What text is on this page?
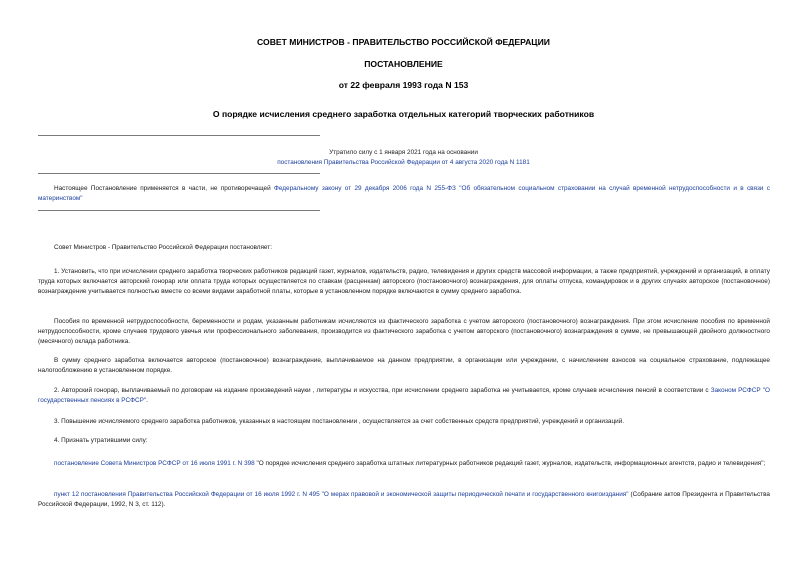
СОВЕТ МИНИСТРОВ - ПРАВИТЕЛЬСТВО РОССИЙСКОЙ ФЕДЕРАЦИИ
ПОСТАНОВЛЕНИЕ
от 22 февраля 1993 года N 153
О порядке исчисления среднего заработка отдельных категорий творческих работников
Утратило силу с 1 января 2021 года на основании
постановления Правительства Российской Федерации от 4 августа 2020 года N 1181
Настоящее Постановление применяется в части, не противоречащей Федеральному закону от 29 декабря 2006 года N 255-ФЗ "Об обязательном социальном страховании на случай временной нетрудоспособности и в связи с материнством"
Совет Министров - Правительство Российской Федерации постановляет:
1. Установить, что при исчислении среднего заработка творческих работников редакций газет, журналов, издательств, радио, телевидения и других средств массовой информации, а также предприятий, учреждений и организаций, в оплату труда которых включается авторский гонорар или оплата труда которых осуществляется по ставкам (расценкам) авторского (постановочного) вознаграждения, для оплаты отпуска, командировок и в других случаях авторское (постановочное) вознаграждение учитывается полностью вместе со всеми видами заработной платы, которые в установленном порядке включаются в сумму среднего заработка.
Пособия по временной нетрудоспособности, беременности и родам, указанным работникам исчисляются из фактического заработка с учетом авторского (постановочного) вознаграждения. При этом исчисление пособия по временной нетрудоспособности, кроме случаев трудового увечья или профессионального заболевания, производится из фактического заработка с учетом авторского (постановочного) вознаграждения в сумме, не превышающей двойного должностного (месячного) оклада работника.
В сумму среднего заработка включается авторское (постановочное) вознаграждение, выплачиваемое на данном предприятии, в организации или учреждении, с начислением взносов на социальное страхование, подлежащее налогообложению в установленном порядке.
2. Авторский гонорар, выплачиваемый по договорам на издание произведений науки , литературы и искусства, при исчислении среднего заработка не учитывается, кроме случаев исчисления пенсий в соответствии с Законом РСФСР "О государственных пенсиях в РСФСР".
3. Повышение исчисляемого среднего заработка работников, указанных в настоящем постановлении , осуществляется за счет собственных средств предприятий, учреждений и организаций.
4. Признать утратившими силу:
постановление Совета Министров РСФСР от 16 июля 1991 г. N 398 "О порядке исчисления среднего заработка штатных литературных работников редакций газет, журналов, издательств, информационных агентств, радио и телевидения";
пункт 12 постановления Правительства Российской Федерации от 16 июля 1992 г. N 495 "О мерах правовой и экономической защиты периодической печати и государственного книгоиздания" (Собрание актов Президента и Правительства Российской Федерации, 1992, N 3, ст. 112).
